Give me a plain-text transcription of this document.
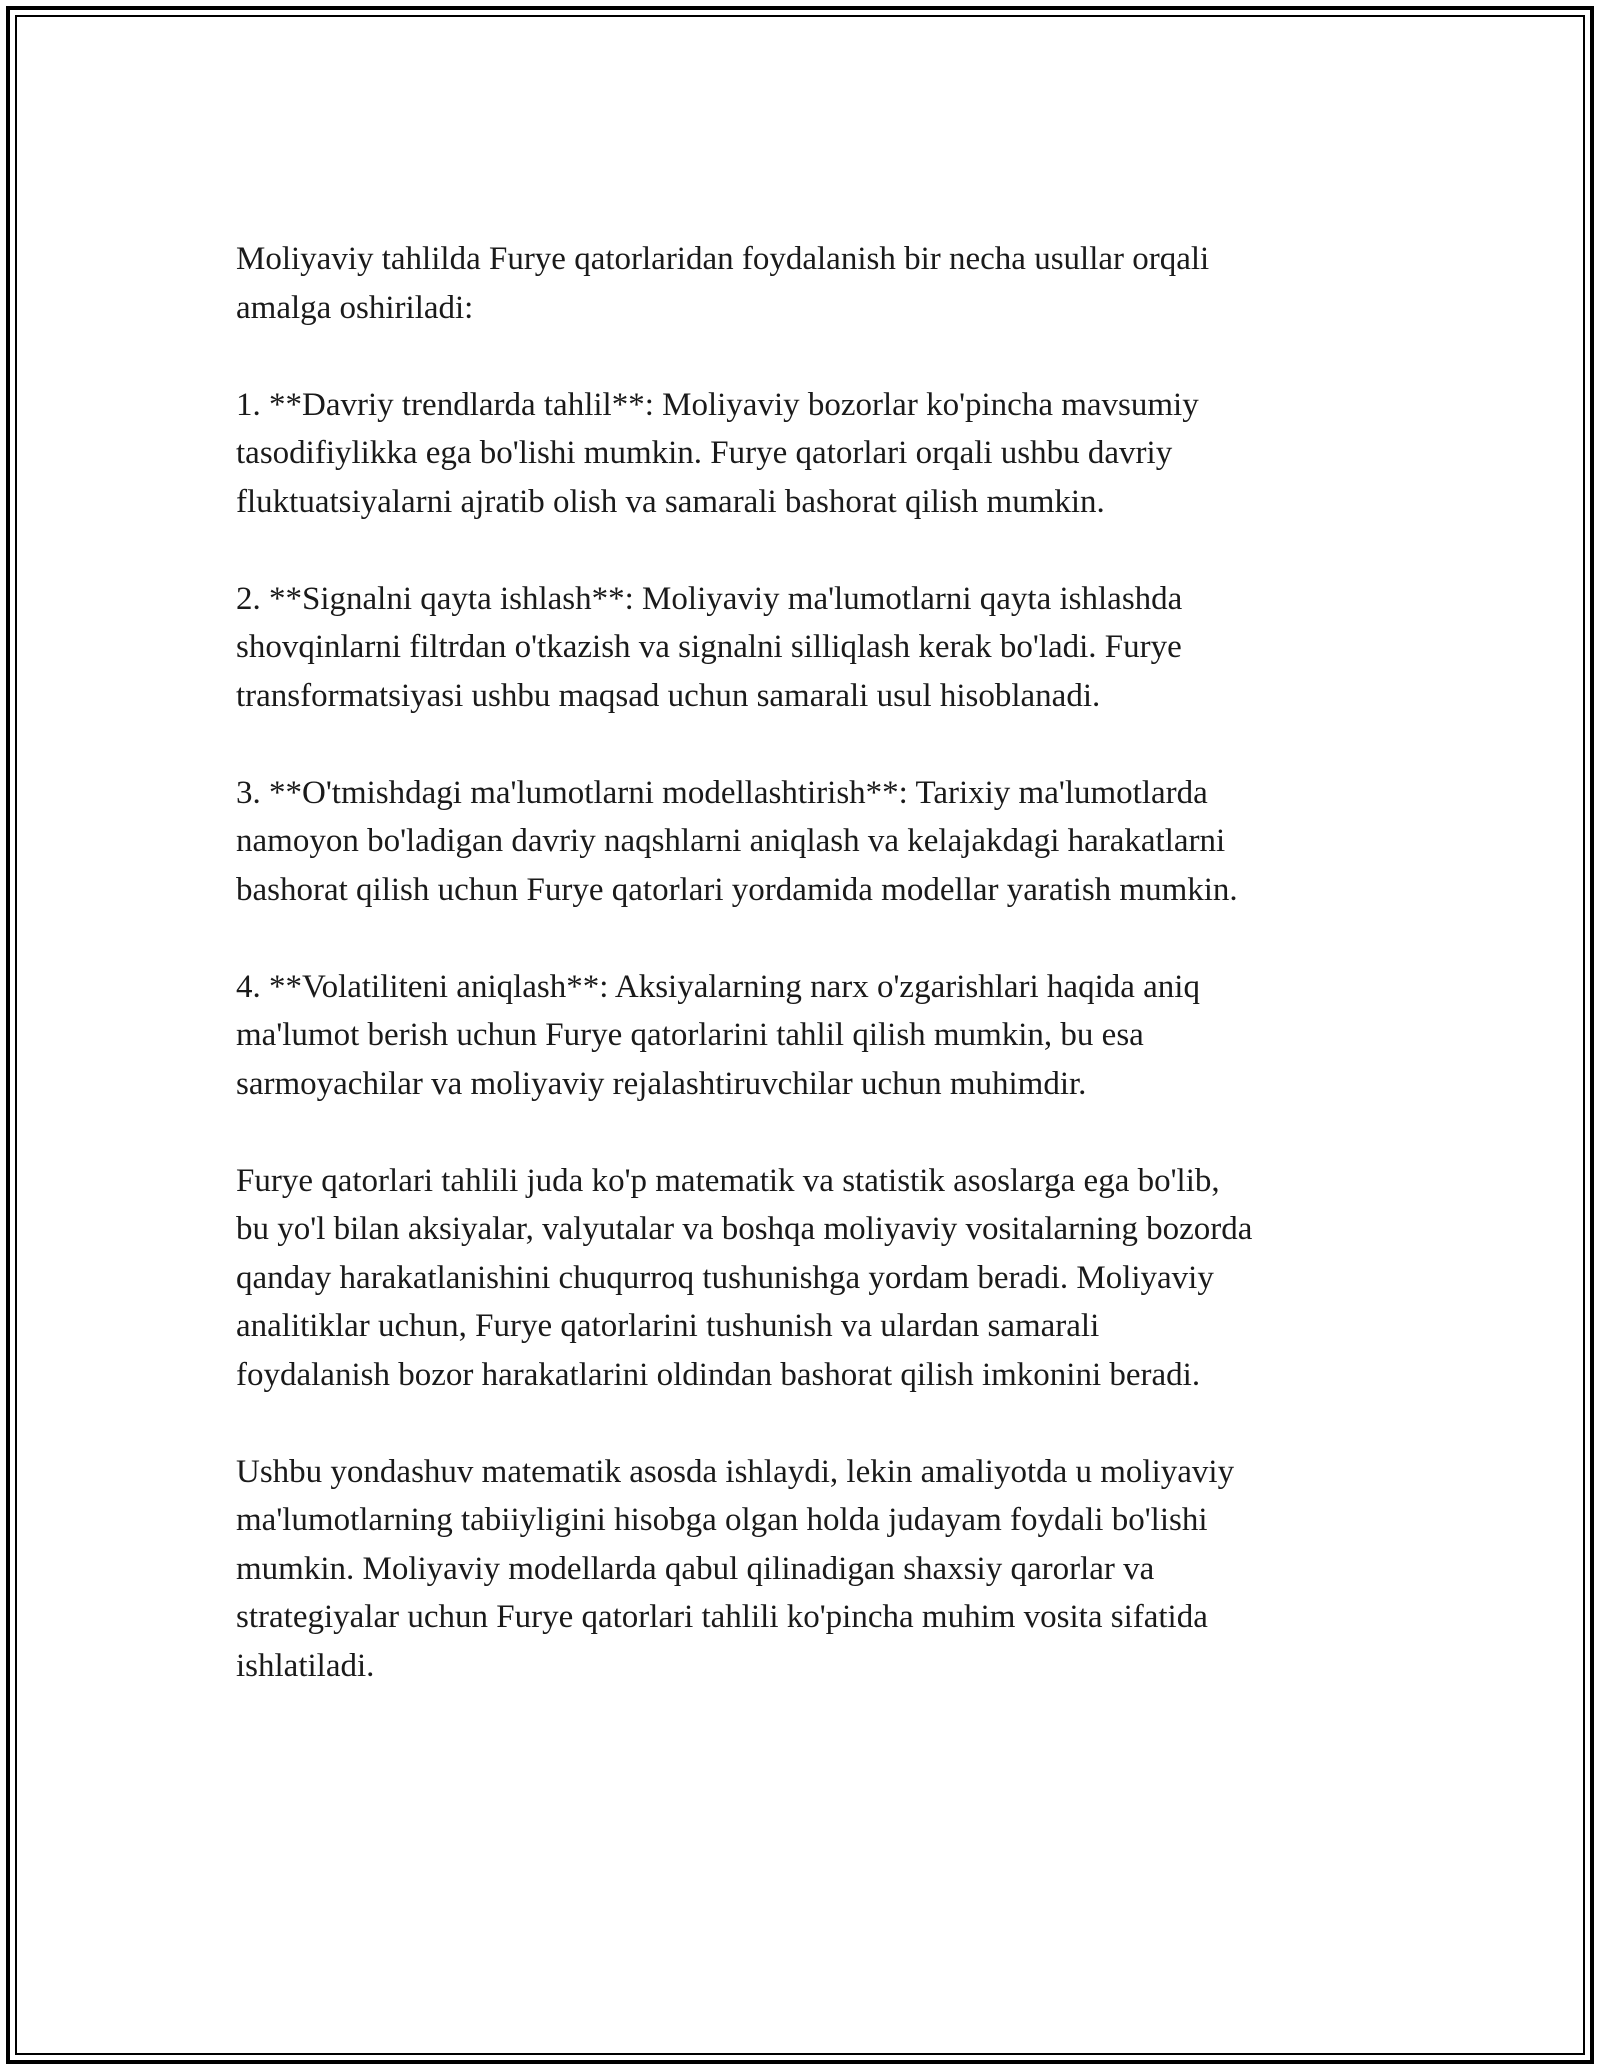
Moliyaviy tahlilda Furye qatorlaridan foydalanish bir necha usullar orqali
amalga oshiriladi:

1. **Davriy trendlarda tahlil**: Moliyaviy bozorlar ko'pincha mavsumiy
tasodifiylikka ega bo'lishi mumkin. Furye qatorlari orqali ushbu davriy
fluktuatsiyalarni ajratib olish va samarali bashorat qilish mumkin.

2. **Signalni qayta ishlash**: Moliyaviy ma'lumotlarni qayta ishlashda
shovqinlarni filtrdan o'tkazish va signalni silliqlash kerak bo'ladi. Furye
transformatsiyasi ushbu maqsad uchun samarali usul hisoblanadi.

3. **O'tmishdagi ma'lumotlarni modellashtirish**: Tarixiy ma'lumotlarda
namoyon bo'ladigan davriy naqshlarni aniqlash va kelajakdagi harakatlarni
bashorat qilish uchun Furye qatorlari yordamida modellar yaratish mumkin.

4. **Volatiliteni aniqlash**: Aksiyalarning narx o'zgarishlari haqida aniq
ma'lumot berish uchun Furye qatorlarini tahlil qilish mumkin, bu esa
sarmoyachilar va moliyaviy rejalashtiruvchilar uchun muhimdir.

Furye qatorlari tahlili juda ko'p matematik va statistik asoslarga ega bo'lib,
bu yo'l bilan aksiyalar, valyutalar va boshqa moliyaviy vositalarning bozorda
qanday harakatlanishini chuqurroq tushunishga yordam beradi. Moliyaviy
analitiklar uchun, Furye qatorlarini tushunish va ulardan samarali
foydalanish bozor harakatlarini oldindan bashorat qilish imkonini beradi.

Ushbu yondashuv matematik asosda ishlaydi, lekin amaliyotda u moliyaviy
ma'lumotlarning tabiiyligini hisobga olgan holda judayam foydali bo'lishi
mumkin. Moliyaviy modellarda qabul qilinadigan shaxsiy qarorlar va
strategiyalar uchun Furye qatorlari tahlili ko'pincha muhim vosita sifatida
ishlatiladi.
